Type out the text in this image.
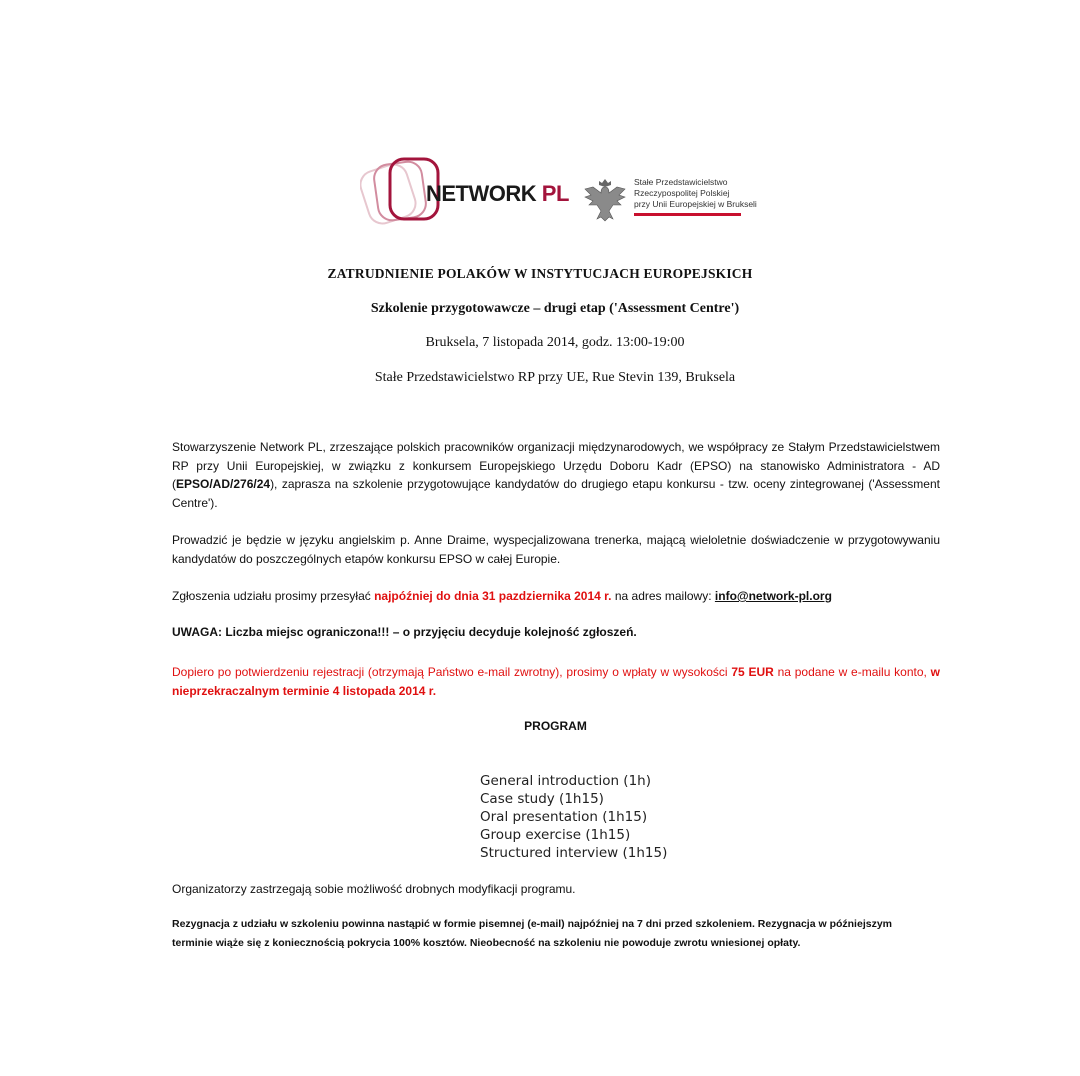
NETWORK PL	Stałe Przedstawicielstwo
Rzeczypospolitej Polskiej
przy Unii Europejskiej w Brukseli
ZATRUDNIENIE POLAKÓW W INSTYTUCJACH EUROPEJSKICH
Szkolenie przygotowawcze – drugi etap ('Assessment Centre')
Bruksela, 7 listopada 2014, godz. 13:00-19:00
Stałe Przedstawicielstwo RP przy UE, Rue Stevin 139, Bruksela
Stowarzyszenie Network PL, zrzeszające polskich pracowników organizacji międzynarodowych, we współpracy ze Stałym Przedstawicielstwem RP przy Unii Europejskiej, w związku z konkursem Europejskiego Urzędu Doboru Kadr (EPSO) na stanowisko Administratora - AD (EPSO/AD/276/24), zaprasza na szkolenie przygotowujące kandydatów do drugiego etapu konkursu - tzw. oceny zintegrowanej ('Assessment Centre').
Prowadzić je będzie w języku angielskim p. Anne Draime, wyspecjalizowana trenerka, mającą wieloletnie doświadczenie w przygotowywaniu kandydatów do poszczególnych etapów konkursu EPSO w całej Europie.
Zgłoszenia udziału prosimy przesyłać najpóźniej do dnia 31 pazdziernika 2014 r. na adres mailowy: info@network-pl.org
UWAGA: Liczba miejsc ograniczona!!! – o przyjęciu decyduje kolejność zgłoszeń.
Dopiero po potwierdzeniu rejestracji (otrzymają Państwo e-mail zwrotny), prosimy o wpłaty w wysokości 75 EUR na podane w e-mailu konto, w nieprzekraczalnym terminie 4 listopada 2014 r.
PROGRAM
General introduction (1h)
Case study (1h15)
Oral presentation (1h15)
Group exercise (1h15)
Structured interview (1h15)
Organizatorzy zastrzegają sobie możliwość drobnych modyfikacji programu.
Rezygnacja z udziału w szkoleniu powinna nastąpić w formie pisemnej (e-mail) najpóźniej na 7 dni przed szkoleniem. Rezygnacja w późniejszym terminie wiąże się z koniecznością pokrycia 100% kosztów. Nieobecność na szkoleniu nie powoduje zwrotu wniesionej opłaty.
